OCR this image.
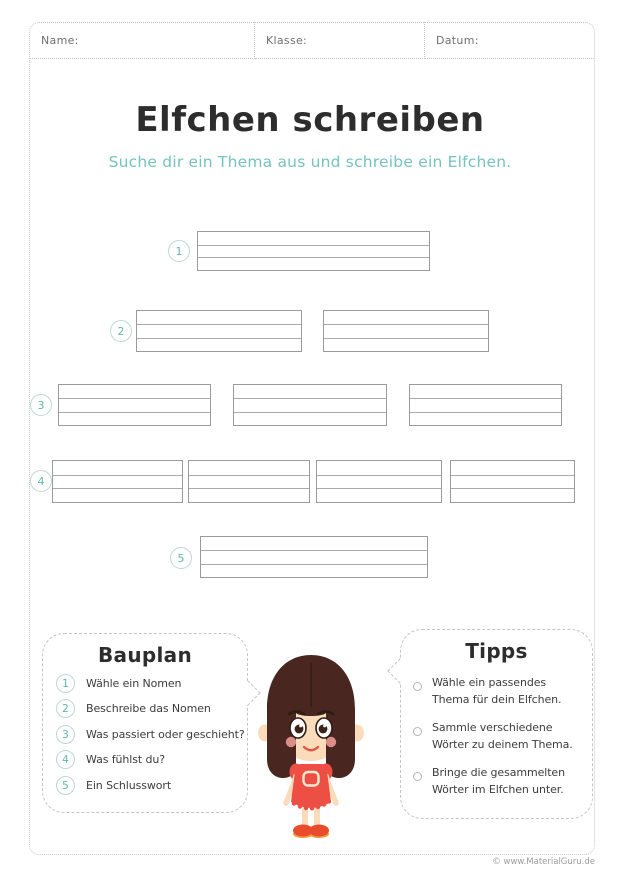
Name:	Klasse:	Datum:
Elfchen schreiben
Suche dir ein Thema aus und schreibe ein Elfchen.
1
2
3
4
5
Bauplan
1	Wähle ein Nomen
2	Beschreibe das Nomen
3	Was passiert oder geschieht?
4	Was fühlst du?
5	Ein Schlusswort
Tipps
Wähle ein passendes Thema für dein Elfchen.
Sammle verschiedene Wörter zu deinem Thema.
Bringe die gesammelten Wörter im Elfchen unter.
© www.MaterialGuru.de
